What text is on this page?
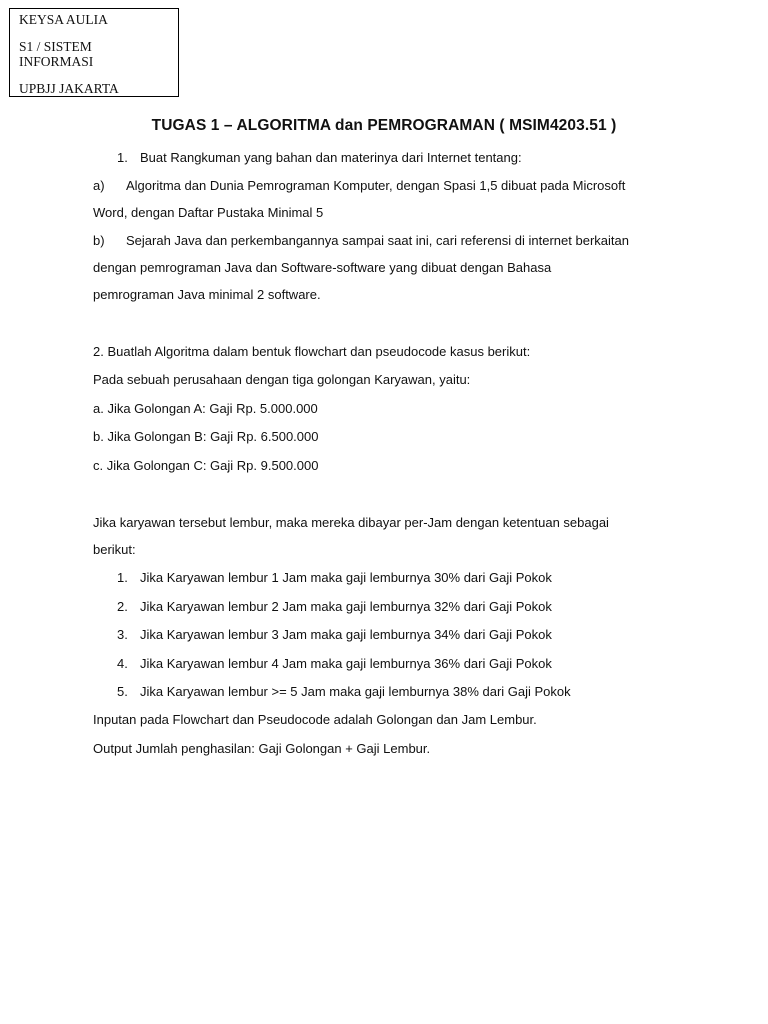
KEYSA AULIA
S1 / SISTEM
INFORMASI
UPBJJ JAKARTA
TUGAS 1 – ALGORITMA dan PEMROGRAMAN ( MSIM4203.51 )
1. Buat Rangkuman yang bahan dan materinya dari Internet tentang:
a) Algoritma dan Dunia Pemrograman Komputer, dengan Spasi 1,5 dibuat pada Microsoft
Word, dengan Daftar Pustaka Minimal 5
b) Sejarah Java dan perkembangannya sampai saat ini, cari referensi di internet berkaitan
dengan pemrograman Java dan Software-software yang dibuat dengan Bahasa
pemrograman Java minimal 2 software.
2. Buatlah Algoritma dalam bentuk flowchart dan pseudocode kasus berikut:
Pada sebuah perusahaan dengan tiga golongan Karyawan, yaitu:
a. Jika Golongan A: Gaji Rp. 5.000.000
b. Jika Golongan B: Gaji Rp. 6.500.000
c. Jika Golongan C: Gaji Rp. 9.500.000
Jika karyawan tersebut lembur, maka mereka dibayar per-Jam dengan ketentuan sebagai
berikut:
1. Jika Karyawan lembur 1 Jam maka gaji lemburnya 30% dari Gaji Pokok
2. Jika Karyawan lembur 2 Jam maka gaji lemburnya 32% dari Gaji Pokok
3. Jika Karyawan lembur 3 Jam maka gaji lemburnya 34% dari Gaji Pokok
4. Jika Karyawan lembur 4 Jam maka gaji lemburnya 36% dari Gaji Pokok
5. Jika Karyawan lembur >= 5 Jam maka gaji lemburnya 38% dari Gaji Pokok
Inputan pada Flowchart dan Pseudocode adalah Golongan dan Jam Lembur.
Output Jumlah penghasilan: Gaji Golongan + Gaji Lembur.
